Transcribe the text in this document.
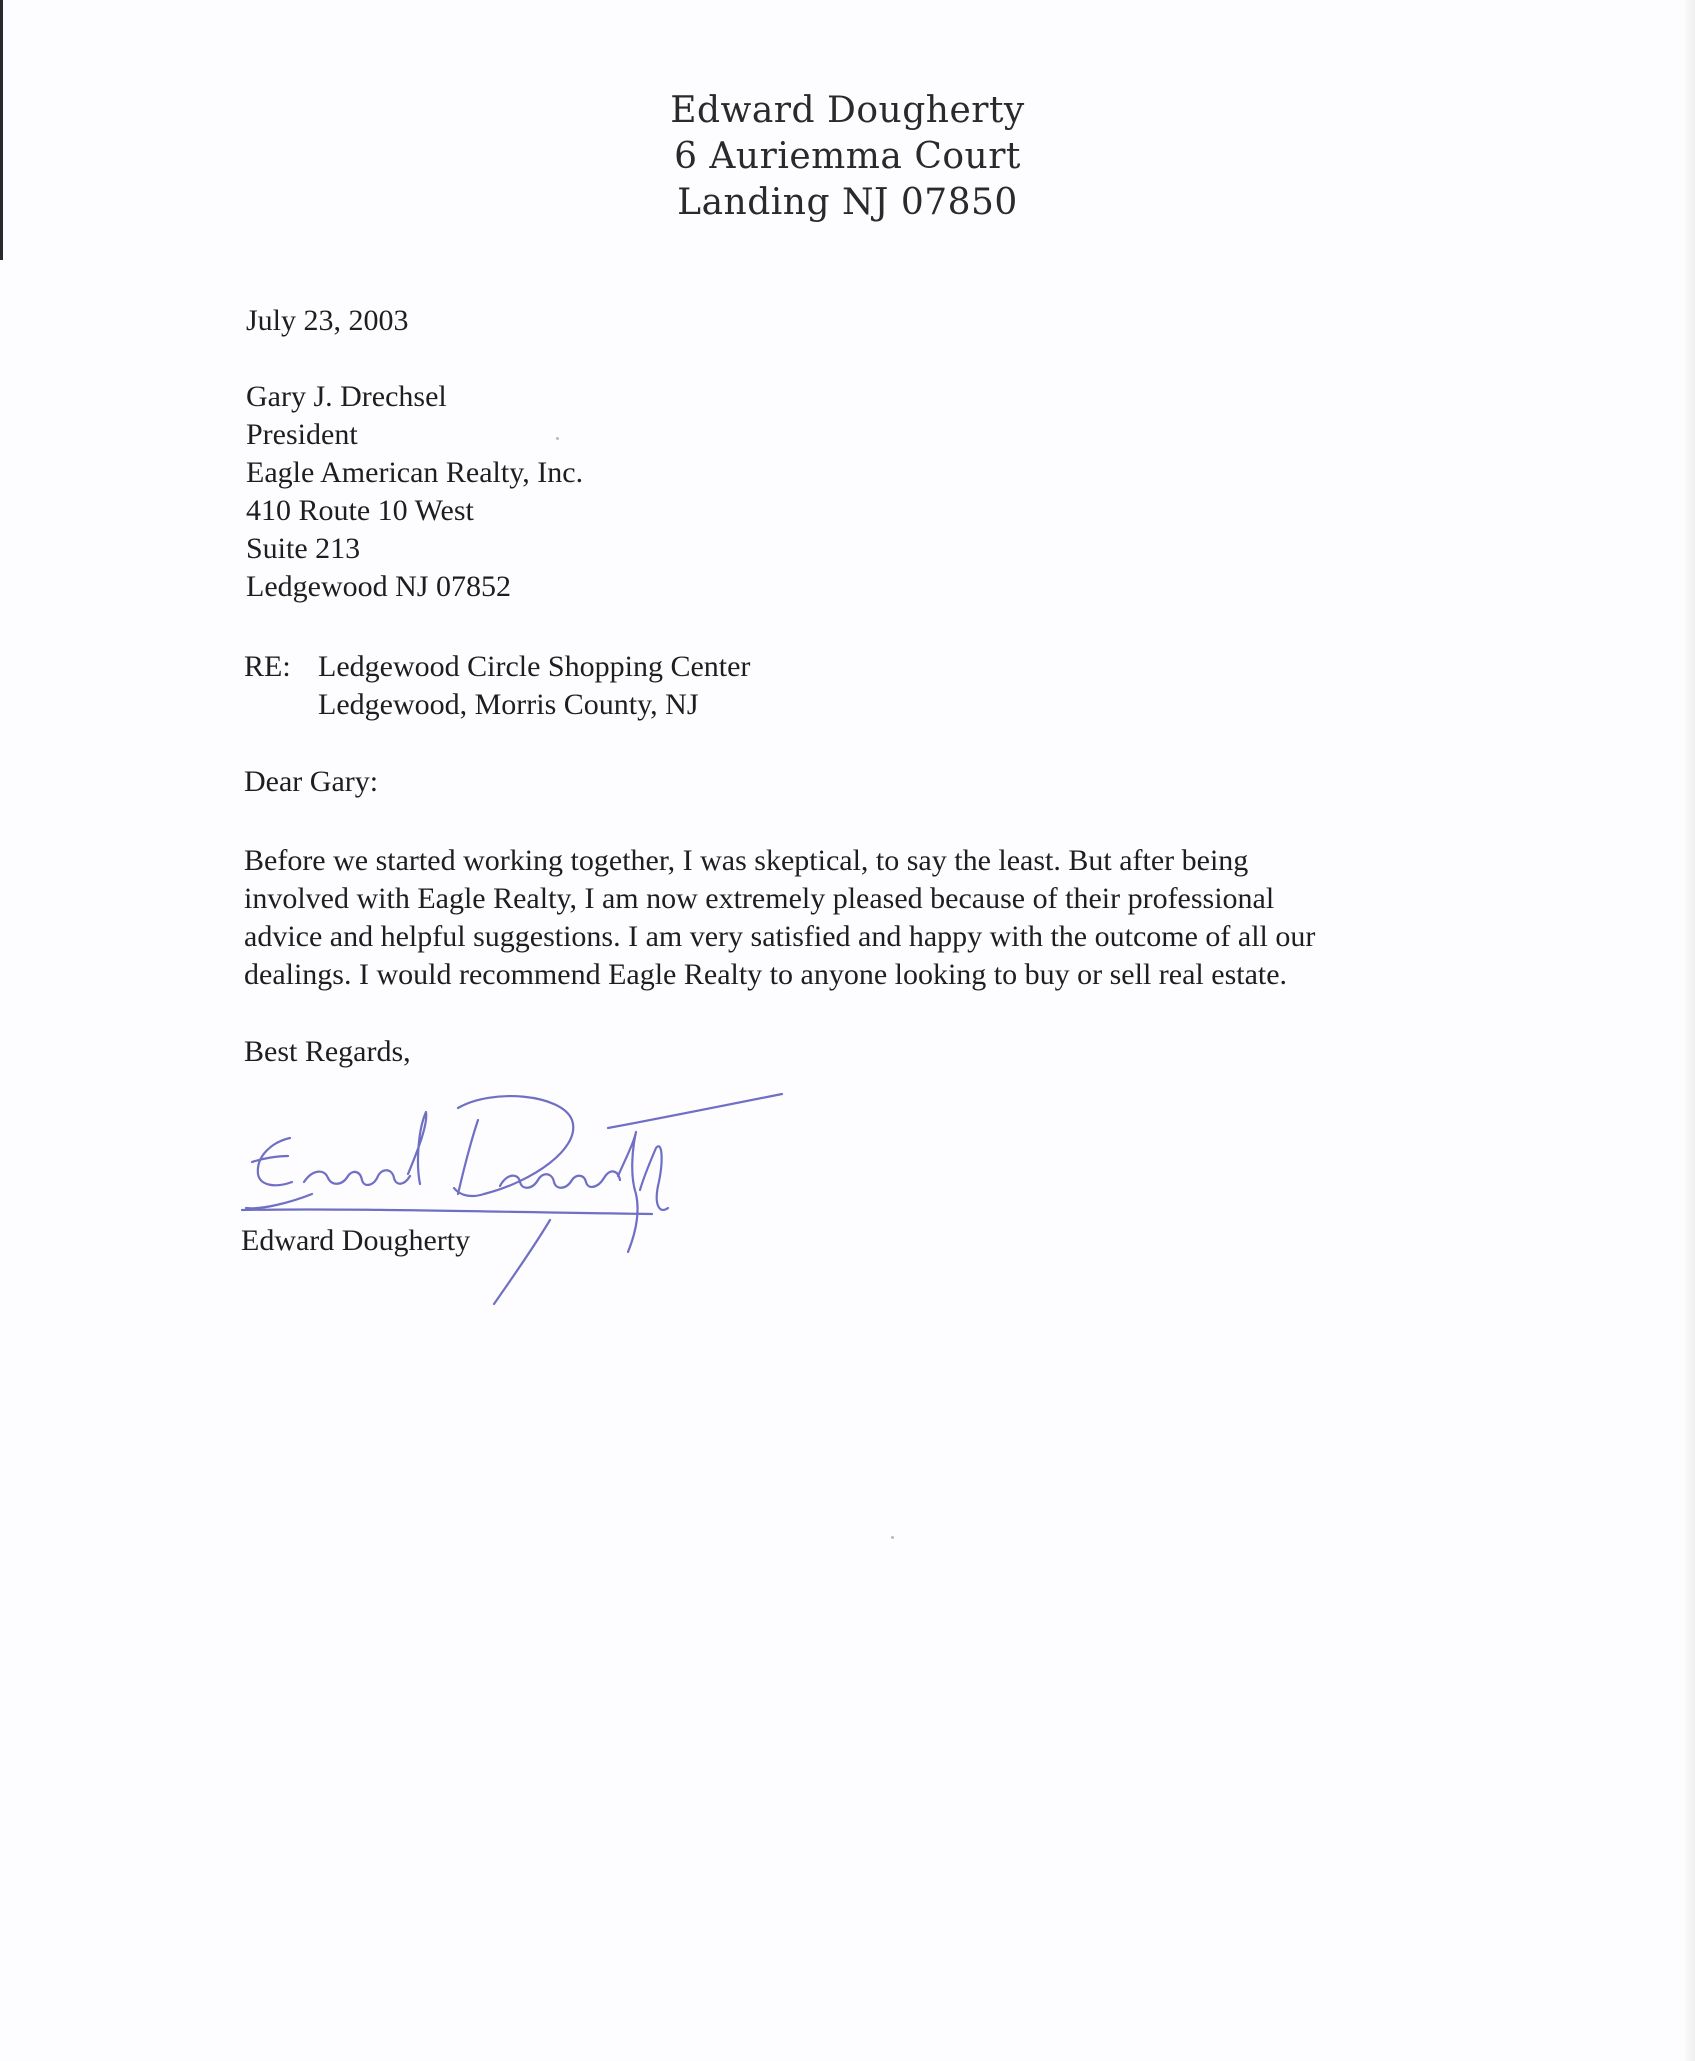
Edward Dougherty
6 Auriemma Court
Landing NJ 07850
July 23, 2003
Gary J. Drechsel
President
Eagle American Realty, Inc.
410 Route 10 West
Suite 213
Ledgewood NJ 07852
RE: Ledgewood Circle Shopping Center
Ledgewood, Morris County, NJ
Dear Gary:
Before we started working together, I was skeptical, to say the least. But after being
involved with Eagle Realty, I am now extremely pleased because of their professional
advice and helpful suggestions. I am very satisfied and happy with the outcome of all our
dealings. I would recommend Eagle Realty to anyone looking to buy or sell real estate.
Best Regards,
Edward Dougherty
